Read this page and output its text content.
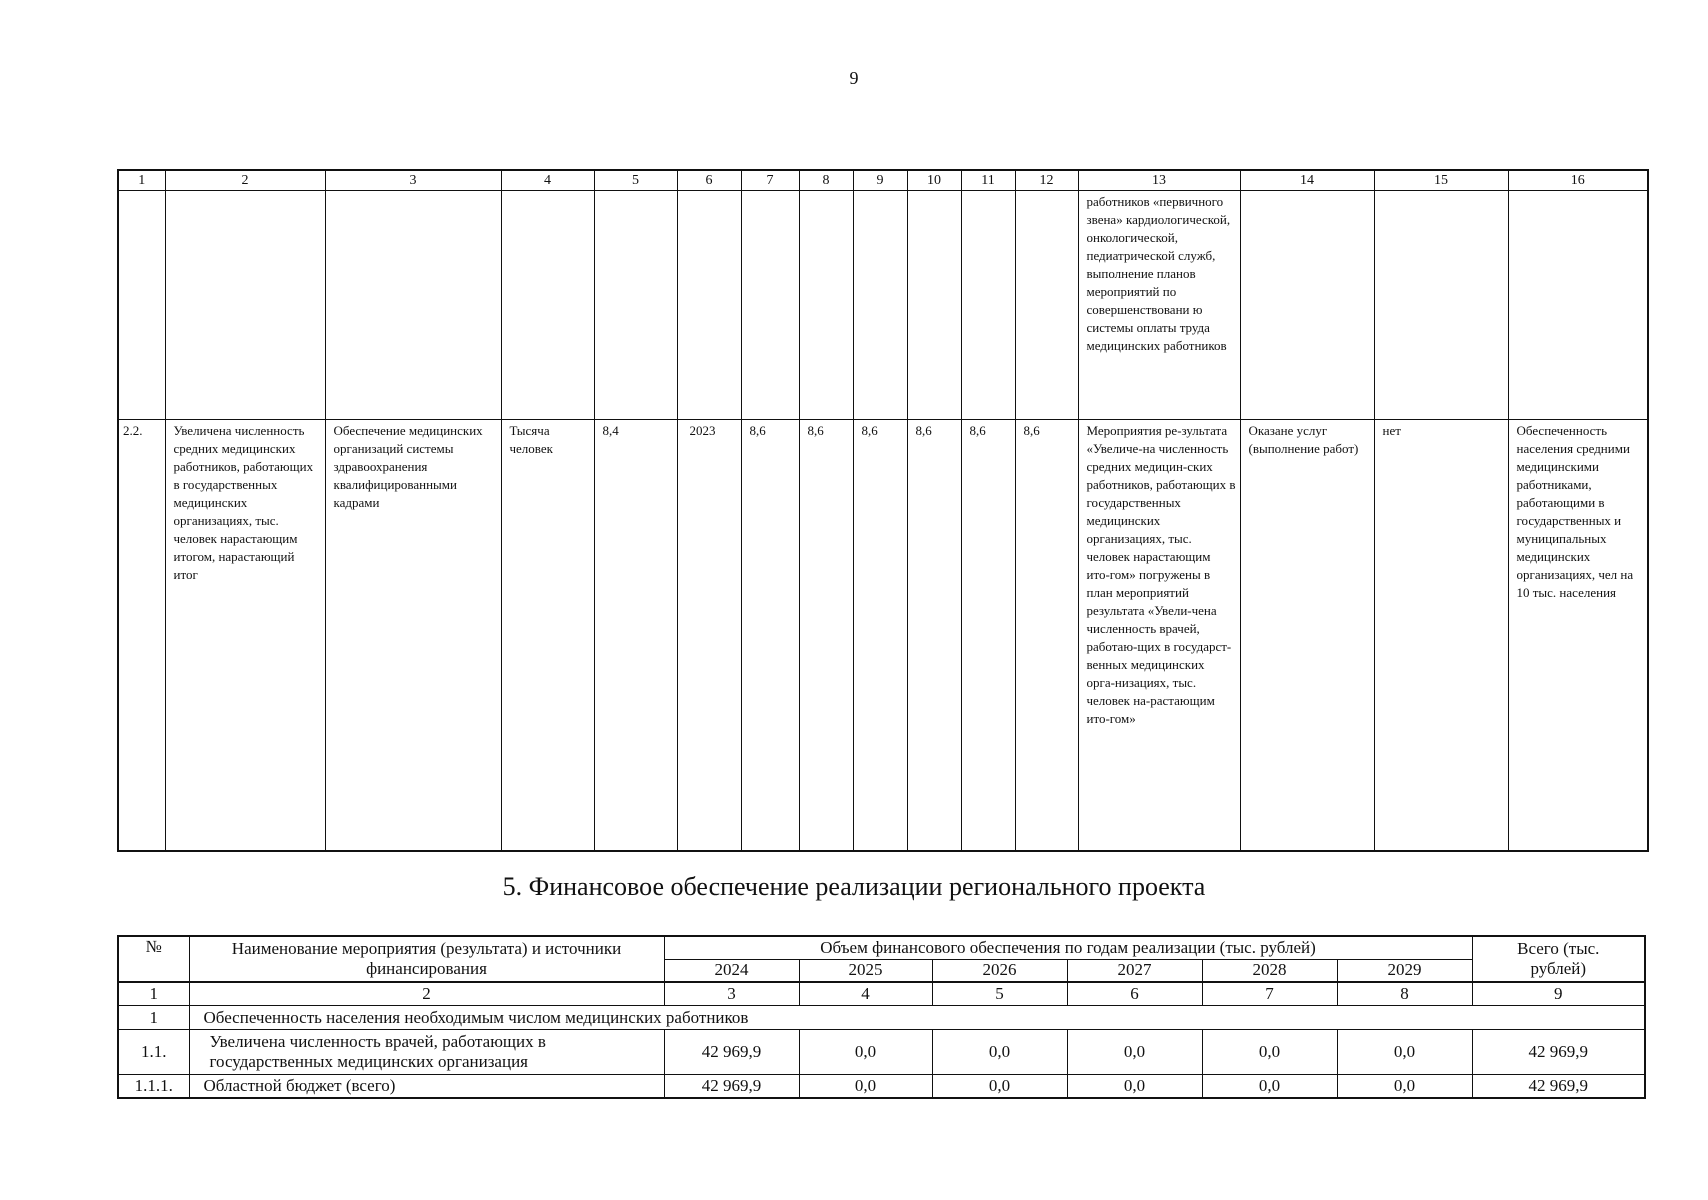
9
1	2	3	4	5	6	7	8	9	10	11	12	13	14	15	16
												работников «первичного звена» кардиологической, онкологической, педиатрической служб, выполнение планов мероприятий по совершенствовани ю системы оплаты труда медицинских работников			
2.2.	Увеличена численность средних медицинских работников, работающих в государственных медицинских организациях, тыс. человек нарастающим итогом, нарастающий итог	Обеспечение медицинских организаций системы здравоохранения квалифицированными кадрами	Тысяча человек	8,4	2023	8,6	8,6	8,6	8,6	8,6	8,6	Мероприятия ре-зультата «Увеличе-на численность средних медицин-ских работников, работающих в государственных медицинских организациях, тыс. человек нарастающим ито-гом» погружены в план мероприятий результата «Увели-чена численность врачей, работаю-щих в государст-венных медицинских орга-низациях, тыс. человек на-растающим ито-гом»	Оказане услуг (выполнение работ)	нет	Обеспеченность населения средними медицинскими работниками, работающими в государственных и муниципальных медицинских организациях, чел на 10 тыс. населения
5. Финансовое обеспечение реализации регионального проекта
№	Наименование мероприятия (результата) и источники финансирования	Объем финансового обеспечения по годам реализации (тыс. рублей)						Всего (тыс. рублей)
		2024	2025	2026	2027	2028	2029	
1	2	3	4	5	6	7	8	9
1	Обеспеченность населения необходимым числом медицинских работников							
1.1.	Увеличена численность врачей, работающих в государственных медицинских организация	42 969,9	0,0	0,0	0,0	0,0	0,0	42 969,9
1.1.1.	Областной бюджет (всего)	42 969,9	0,0	0,0	0,0	0,0	0,0	42 969,9
